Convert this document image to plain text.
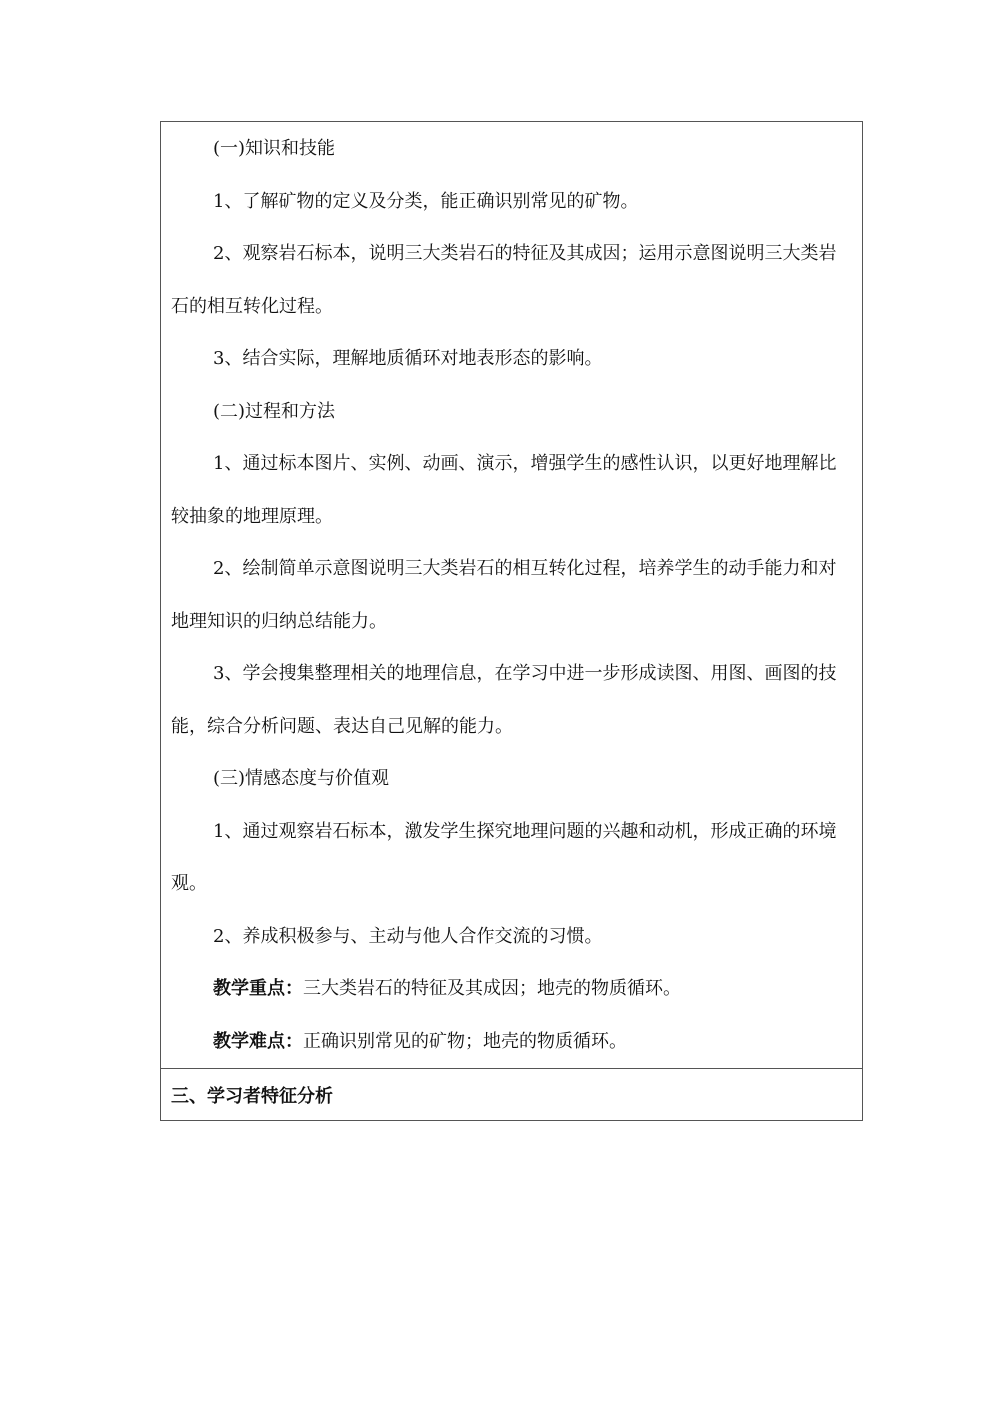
(一)知识和技能

1、了解矿物的定义及分类，能正确识别常见的矿物。

2、观察岩石标本，说明三大类岩石的特征及其成因；运用示意图说明三大类岩石的相互转化过程。

3、结合实际，理解地质循环对地表形态的影响。

(二)过程和方法

1、通过标本图片、实例、动画、演示，增强学生的感性认识，以更好地理解比较抽象的地理原理。

2、绘制简单示意图说明三大类岩石的相互转化过程，培养学生的动手能力和对地理知识的归纳总结能力。

3、学会搜集整理相关的地理信息，在学习中进一步形成读图、用图、画图的技能，综合分析问题、表达自己见解的能力。

(三)情感态度与价值观

1、通过观察岩石标本，激发学生探究地理问题的兴趣和动机，形成正确的环境观。

2、养成积极参与、主动与他人合作交流的习惯。

教学重点：三大类岩石的特征及其成因；地壳的物质循环。

教学难点：正确识别常见的矿物；地壳的物质循环。

三、学习者特征分析
